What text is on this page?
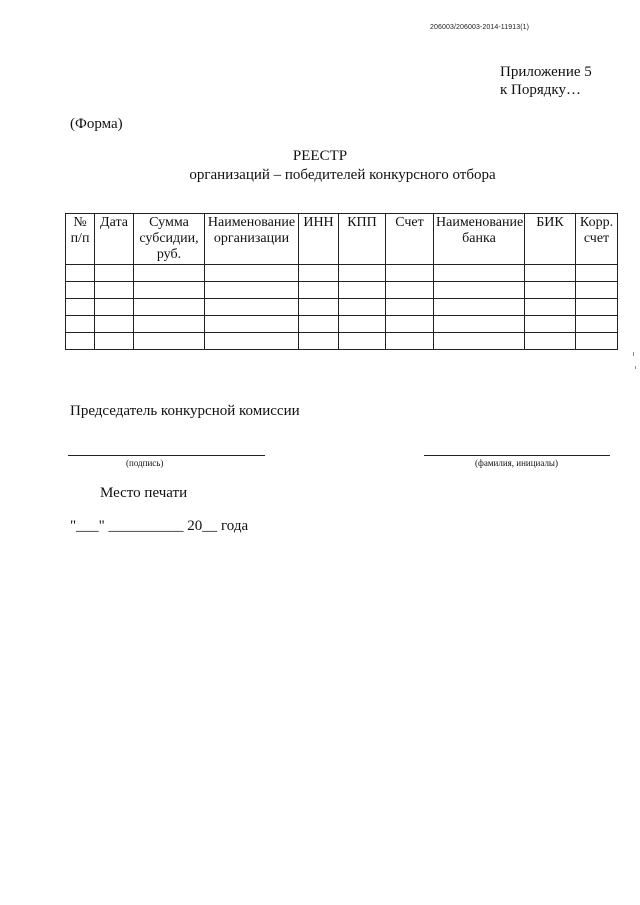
206003/206003-2014-11913(1)
Приложение 5
к Порядку…
(Форма)
РЕЕСТР
организаций – победителей конкурсного отбора
№ п/п	Дата	Сумма субсидии, руб.	Наименование организации	ИНН	КПП	Счет	Наименование банка	БИК	Корр. счет

Председатель конкурсной комиссии
(подпись)	(фамилия, инициалы)
Место печати
"___" __________ 20__ года
